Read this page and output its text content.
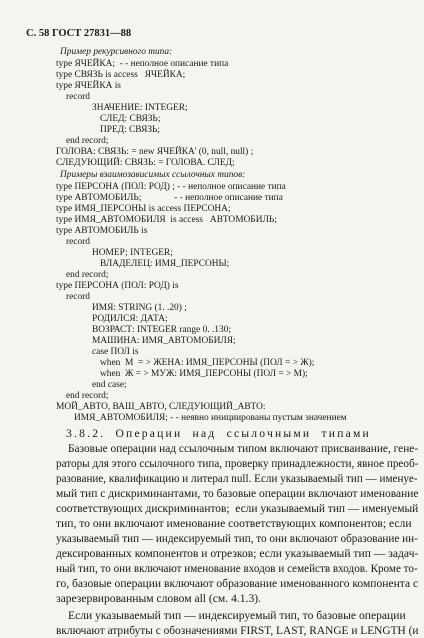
С. 58 ГОСТ 27831—88
Пример рекурсивного типа:
type ЯЧЕЙКА;  - - неполное описание типа
type СВЯЗЬ is access   ЯЧЕЙКА;
type ЯЧЕЙКА is
record
ЗНАЧЕНИЕ: INTEGER;
СЛЕД: СВЯЗЬ;
ПРЕД: СВЯЗЬ;
end record;
ГОЛОВА: СВЯЗЬ: = new ЯЧЕЙКА' (0, null, null) ;
СЛЕДУЮЩИЙ: СВЯЗЬ: = ГОЛОВА. СЛЕД;
Примеры взаимозависимых ссылочных типов:
type ПЕРСОНА (ПОЛ: РОД) ; - - неполное описание типа
type АВТОМОБИЛЬ;              - - неполное описание типа
type ИМЯ_ПЕРСОНЫ is access ПЕРСОНА;
type ИМЯ_АВТОМОБИЛЯ  is access   АВТОМОБИЛЬ;
type АВТОМОБИЛЬ is
record
НОМЕР; INTEGER;
ВЛАДЕЛЕЦ: ИМЯ_ПЕРСОНЫ;
end record;
type ПЕРСОНА (ПОЛ: РОД) is
record
ИМЯ: STRING (1. .20) ;
РОДИЛСЯ: ДАТА;
ВОЗРАСТ: INTEGER range 0. .130;
МАШИНА: ИМЯ_АВТОМОБИЛЯ;
case ПОЛ is
when  M  = > ЖЕНА: ИМЯ_ПЕРСОНЫ (ПОЛ = > Ж);
when  Ж = > МУЖ: ИМЯ_ПЕРСОНЫ (ПОЛ = > М);
end case;
end record;
МОЙ_АВТО, ВАШ_АВТО, СЛЕДУЮЩИЙ_АВТО:
ИМЯ_АВТОМОБИЛЯ; - - неявно инициированы пустым значением
3.8.2.  Операции  над  ссылочными  типами
Базовые операции над ссылочным типом включают присваивание, гене-
раторы для этого ссылочного типа, проверку принадлежности, явное преоб-
разование, квалификацию и литерал null. Если указываемый тип — именуе-
мый тип с дискриминантами, то базовые операции включают именование
соответствующих дискриминантов;  если указываемый тип — именуемый
тип, то они включают именование соответствующих компонентов; если
указываемый тип — индексируемый тип, то они включают образование ин-
дексированных компонентов и отрезков; если указываемый тип — задач-
ный тип, то они включают именование входов и семейств входов. Кроме то-
го, базовые операции включают образование именованного компонента с
зарезервированным словом all (см. 4.1.3).
Если указываемый тип — индексируемый тип, то базовые операции
включают атрибуты с обозначениями FIRST, LAST, RANGE и LENGTH (и
